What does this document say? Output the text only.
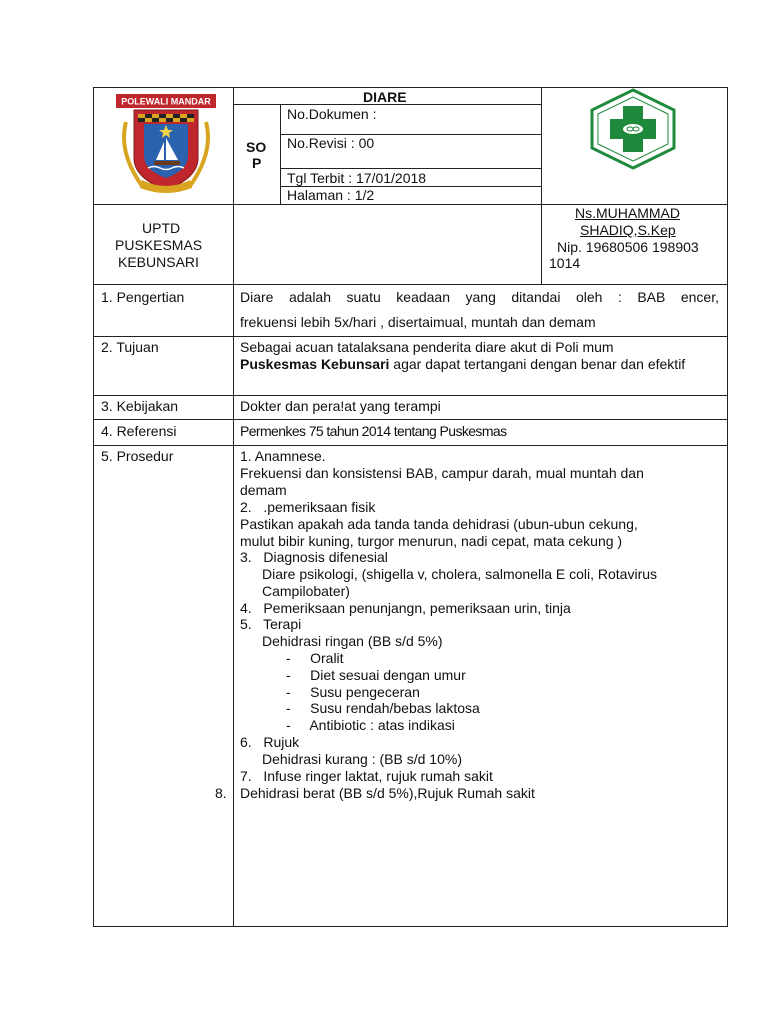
POLEWALI MANDAR	DIARE
SO
P
No.Dokumen :
No.Revisi : 00
Tgl Terbit : 17/01/2018
Halaman : 1/2
UPTD
PUSKESMAS
KEBUNSARI
Ns.MUHAMMAD
SHADIQ,S.Kep
Nip. 19680506 198903
1014
1. Pengertian	Diare adalah suatu keadaan yang ditandai oleh : BAB encer,
frekuensi lebih 5x/hari , disertaimual, muntah dan demam
2. Tujuan	Sebagai acuan tatalaksana penderita diare akut di Poli mum
Puskesmas Kebunsari agar dapat tertangani dengan benar dan efektif
3. Kebijakan	Dokter dan pera!at yang terampi
4. Referensi	Permenkes 75 tahun 2014 tentang Puskesmas
5. Prosedur	1. Anamnese.
Frekuensi dan konsistensi BAB, campur darah, mual muntah dan
demam
2.   .pemeriksaan fisik
Pastikan apakah ada tanda tanda dehidrasi (ubun-ubun cekung,
mulut bibir kuning, turgor menurun, nadi cepat, mata cekung )
3.   Diagnosis difenesial
Diare psikologi, (shigella v, cholera, salmonella E coli, Rotavirus
Campilobater)
4.   Pemeriksaan penunjangn, pemeriksaan urin, tinja
5.   Terapi
Dehidrasi ringan (BB s/d 5%)
-     Oralit
-     Diet sesuai dengan umur
-     Susu pengeceran
-     Susu rendah/bebas laktosa
-     Antibiotic : atas indikasi
6.   Rujuk
Dehidrasi kurang : (BB s/d 10%)
7.   Infuse ringer laktat, rujuk rumah sakit
8. Dehidrasi berat (BB s/d 5%),Rujuk Rumah sakit
